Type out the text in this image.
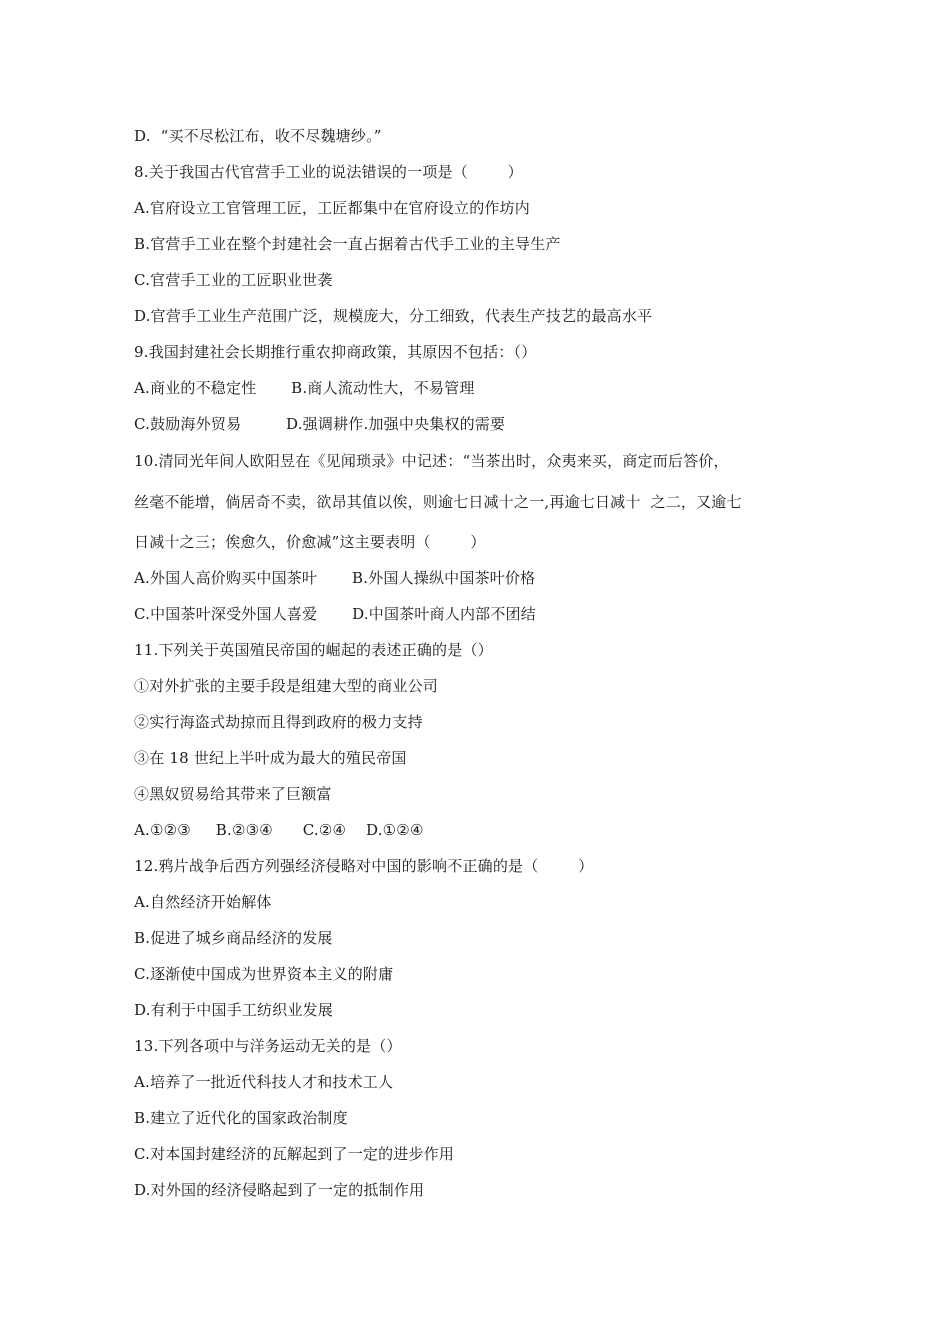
D.  “买不尽松江布，收不尽魏塘纱。”
8.关于我国古代官营手工业的说法错误的一项是（        ）
A.官府设立工官管理工匠，工匠都集中在官府设立的作坊内
B.官营手工业在整个封建社会一直占据着古代手工业的主导生产
C.官营手工业的工匠职业世袭
D.官营手工业生产范围广泛，规模庞大，分工细致，代表生产技艺的最高水平
9.我国封建社会长期推行重农抑商政策，其原因不包括：（）
A.商业的不稳定性       B.商人流动性大，不易管理
C.鼓励海外贸易         D.强调耕作.加强中央集权的需要
10.清同光年间人欧阳昱在《见闻琐录》中记述：“当茶出时，众夷来买，商定而后答价，
丝毫不能增，倘居奇不卖，欲昂其值以俟，则逾七日减十之一,再逾七日减十  之二，又逾七
日减十之三；俟愈久，价愈减”这主要表明（        ）
A.外国人高价购买中国茶叶       B.外国人操纵中国茶叶价格
C.中国茶叶深受外国人喜爱       D.中国茶叶商人内部不团结
11.下列关于英国殖民帝国的崛起的表述正确的是（）
①对外扩张的主要手段是组建大型的商业公司
②实行海盗式劫掠而且得到政府的极力支持
③在 18 世纪上半叶成为最大的殖民帝国
④黑奴贸易给其带来了巨额富
A.①②③     B.②③④      C.②④    D.①②④
12.鸦片战争后西方列强经济侵略对中国的影响不正确的是（        ）
A.自然经济开始解体
B.促进了城乡商品经济的发展
C.逐渐使中国成为世界资本主义的附庸
D.有利于中国手工纺织业发展
13.下列各项中与洋务运动无关的是（）
A.培养了一批近代科技人才和技术工人
B.建立了近代化的国家政治制度
C.对本国封建经济的瓦解起到了一定的进步作用
D.对外国的经济侵略起到了一定的抵制作用
